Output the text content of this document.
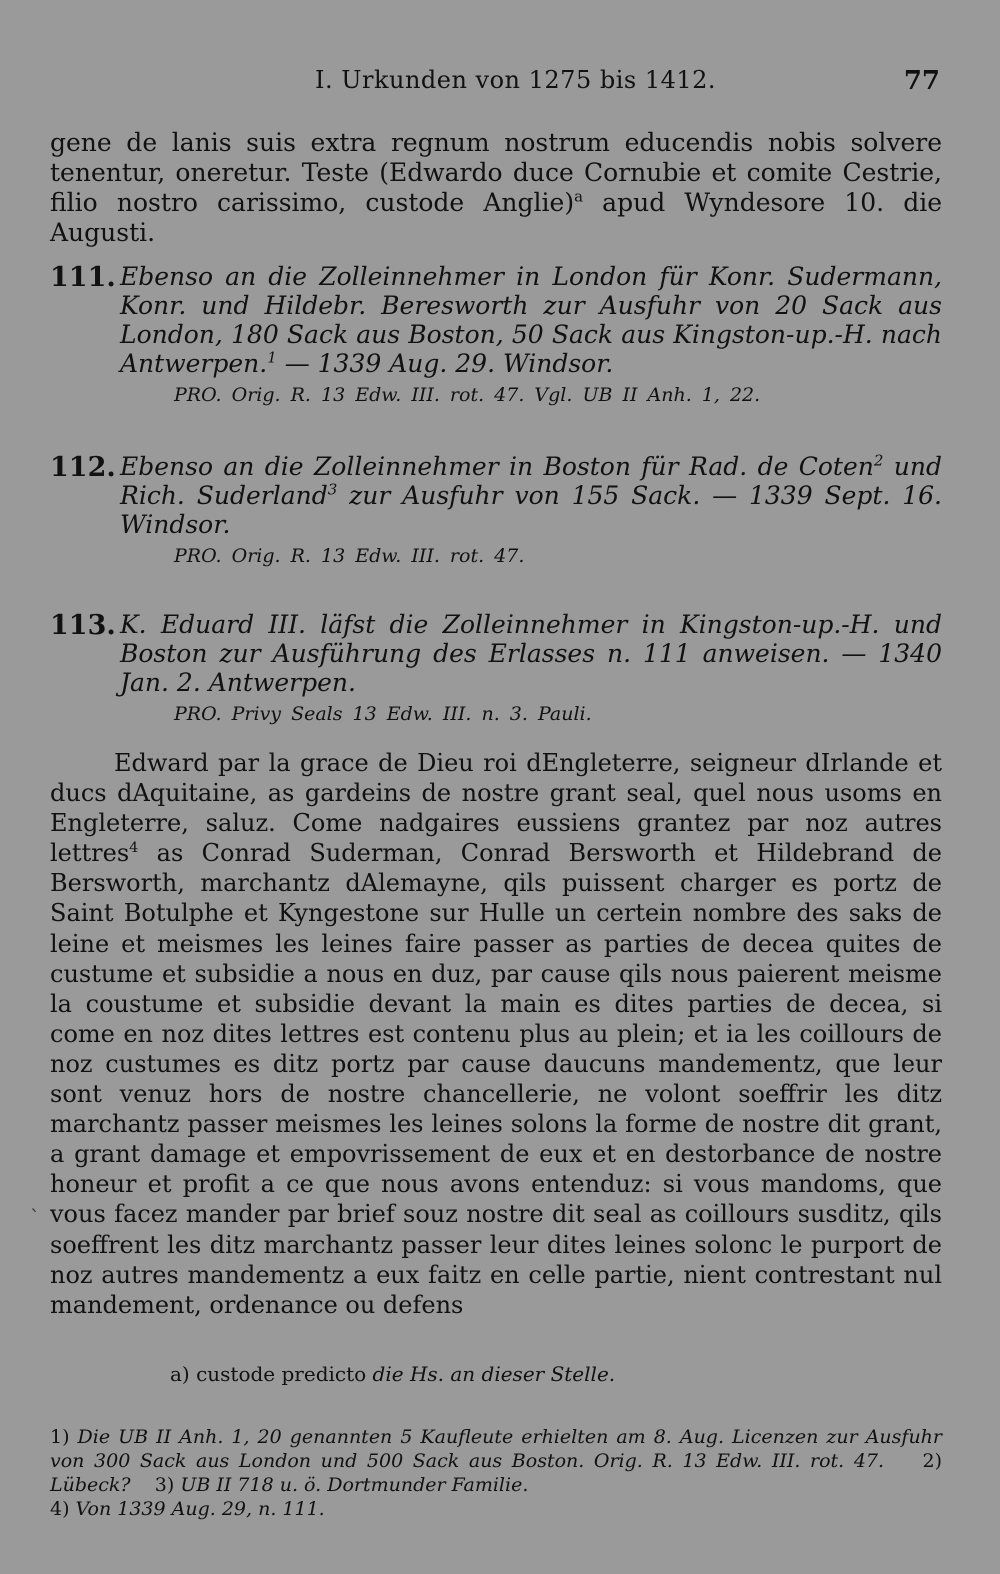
I. Urkunden von 1275 bis 1412.	77

gene de lanis suis extra regnum nostrum educendis nobis solvere tenentur, oneretur. Teste (Edwardo duce Cornubie et comite Cestrie, filio nostro carissimo, custode Anglie)$^a$ apud Wyndesore 10. die Augusti.

111. Ebenso an die Zolleinnehmer in London für Konr. Sudermann, Konr. und Hildebr. Beresworth zur Ausfuhr von 20 Sack aus London, 180 Sack aus Boston, 50 Sack aus Kingston-up.-H. nach Antwerpen.$^1$ — 1339 Aug. 29. Windsor.
PRO. Orig. R. 13 Edw. III. rot. 47. Vgl. UB II Anh. 1, 22.
112. Ebenso an die Zolleinnehmer in Boston für Rad. de Coten$^2$ und Rich. Suderland$^3$ zur Ausfuhr von 155 Sack. — 1339 Sept. 16. Windsor.
PRO. Orig. R. 13 Edw. III. rot. 47.
113. K. Eduard III. läfst die Zolleinnehmer in Kingston-up.-H. und Boston zur Ausführung des Erlasses n. 111 anweisen. — 1340 Jan. 2. Antwerpen.
PRO. Privy Seals 13 Edw. III. n. 3. Pauli.

Edward par la grace de Dieu roi dEngleterre, seigneur dIrlande et ducs dAquitaine, as gardeins de nostre grant seal, quel nous usoms en Engleterre, saluz. Come nadgaires eussiens grantez par noz autres lettres$^4$ as Conrad Suderman, Conrad Bersworth et Hildebrand de Bersworth, marchantz dAlemayne, qils puissent charger es portz de Saint Botulphe et Kyngestone sur Hulle un certein nombre des saks de leine et meismes les leines faire passer as parties de decea quites de custume et subsidie a nous en duz, par cause qils nous paierent meisme la coustume et subsidie devant la main es dites parties de decea, si come en noz dites lettres est contenu plus au plein; et ia les coillours de noz custumes es ditz portz par cause daucuns mandementz, que leur sont venuz hors de nostre chancellerie, ne volont soeffrir les ditz marchantz passer meismes les leines solons la forme de nostre dit grant, a grant damage et empovrissement de eux et en destorbance de nostre honeur et profit a ce que nous avons entenduz: si vous mandoms, que vous facez mander par brief souz nostre dit seal as coillours susditz, qils soeffrent les ditz marchantz passer leur dites leines solonc le purport de noz autres mandementz a eux faitz en celle partie, nient contrestant nul mandement, ordenance ou defens

`
a) custode predicto die Hs. an dieser Stelle.
1) Die UB II Anh. 1, 20 genannten 5 Kaufleute erhielten am 8. Aug. Licenzen zur Ausfuhr von 300 Sack aus London und 500 Sack aus Boston. Orig. R. 13 Edw. III. rot. 47. 2) Lübeck? 3) UB II 718 u. ö. Dortmunder Familie.
4) Von 1339 Aug. 29, n. 111.
